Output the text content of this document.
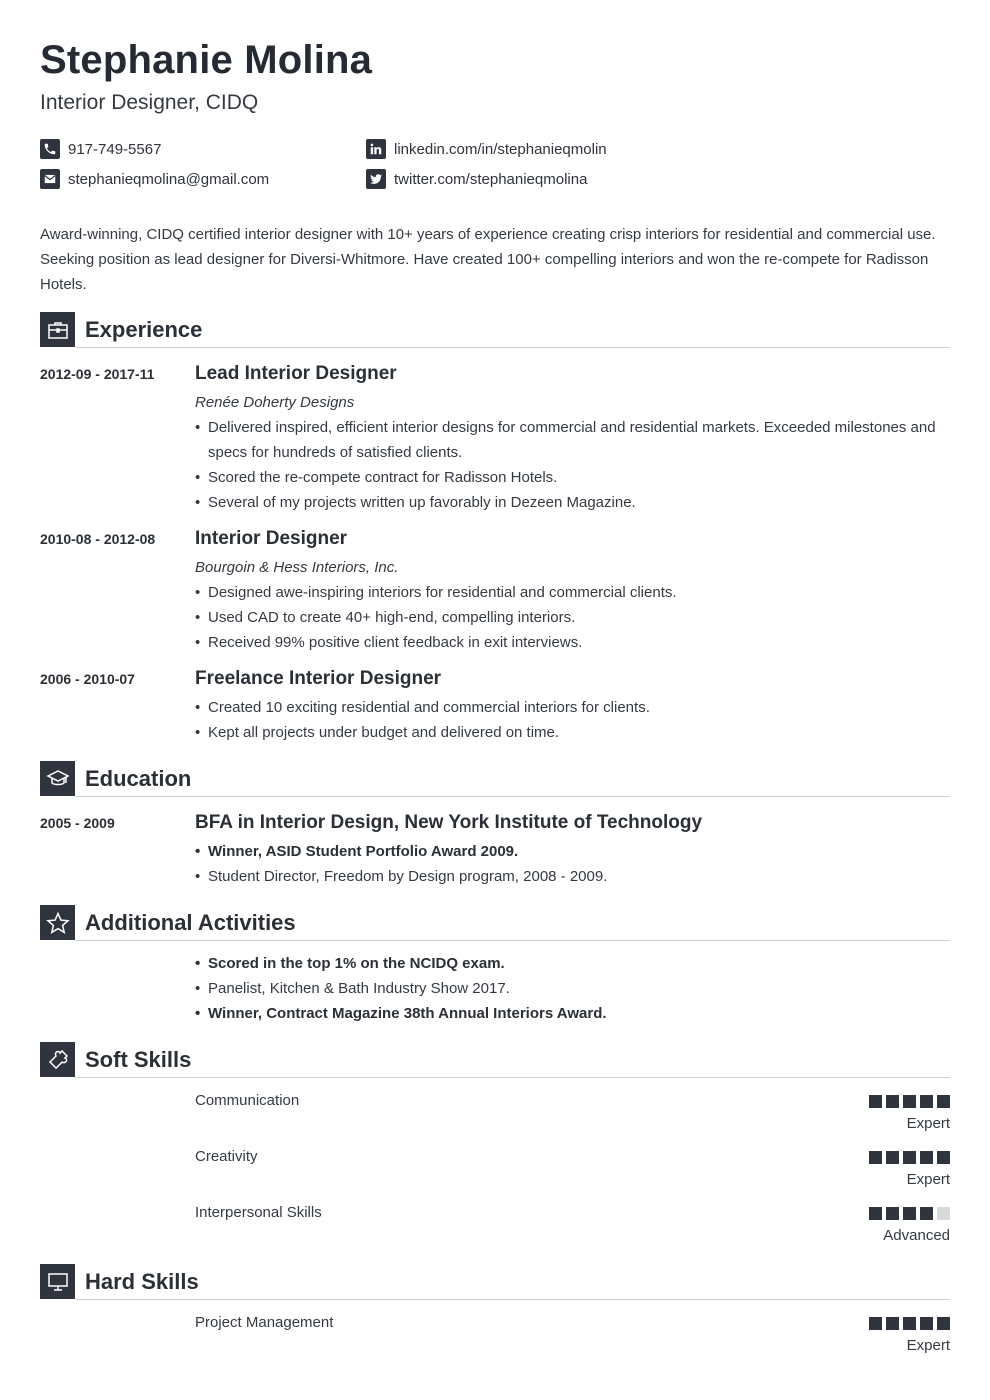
Stephanie Molina
Interior Designer, CIDQ
917-749-5567
stephanieqmolina@gmail.com
linkedin.com/in/stephanieqmolin
twitter.com/stephanieqmolina

Award-winning, CIDQ certified interior designer with 10+ years of experience creating crisp interiors for residential and commercial use. Seeking position as lead designer for Diversi-Whitmore. Have created 100+ compelling interiors and won the re-compete for Radisson Hotels.

Experience
2012-09 - 2017-11 Lead Interior Designer
Renée Doherty Designs
• Delivered inspired, efficient interior designs for commercial and residential markets. Exceeded milestones and specs for hundreds of satisfied clients.
• Scored the re-compete contract for Radisson Hotels.
• Several of my projects written up favorably in Dezeen Magazine.
2010-08 - 2012-08 Interior Designer
Bourgoin & Hess Interiors, Inc.
• Designed awe-inspiring interiors for residential and commercial clients.
• Used CAD to create 40+ high-end, compelling interiors.
• Received 99% positive client feedback in exit interviews.
2006 - 2010-07	Freelance Interior Designer
• Created 10 exciting residential and commercial interiors for clients.
• Kept all projects under budget and delivered on time.
Education
2005 - 2009	BFA in Interior Design, New York Institute of Technology
• Winner, ASID Student Portfolio Award 2009.
• Student Director, Freedom by Design program, 2008 - 2009.
Additional Activities
• Scored in the top 1% on the NCIDQ exam.
• Panelist, Kitchen & Bath Industry Show 2017.
• Winner, Contract Magazine 38th Annual Interiors Award.
Soft Skills
Communication
Expert
Creativity
Expert
Interpersonal Skills
Advanced
Hard Skills
Project Management
Expert
